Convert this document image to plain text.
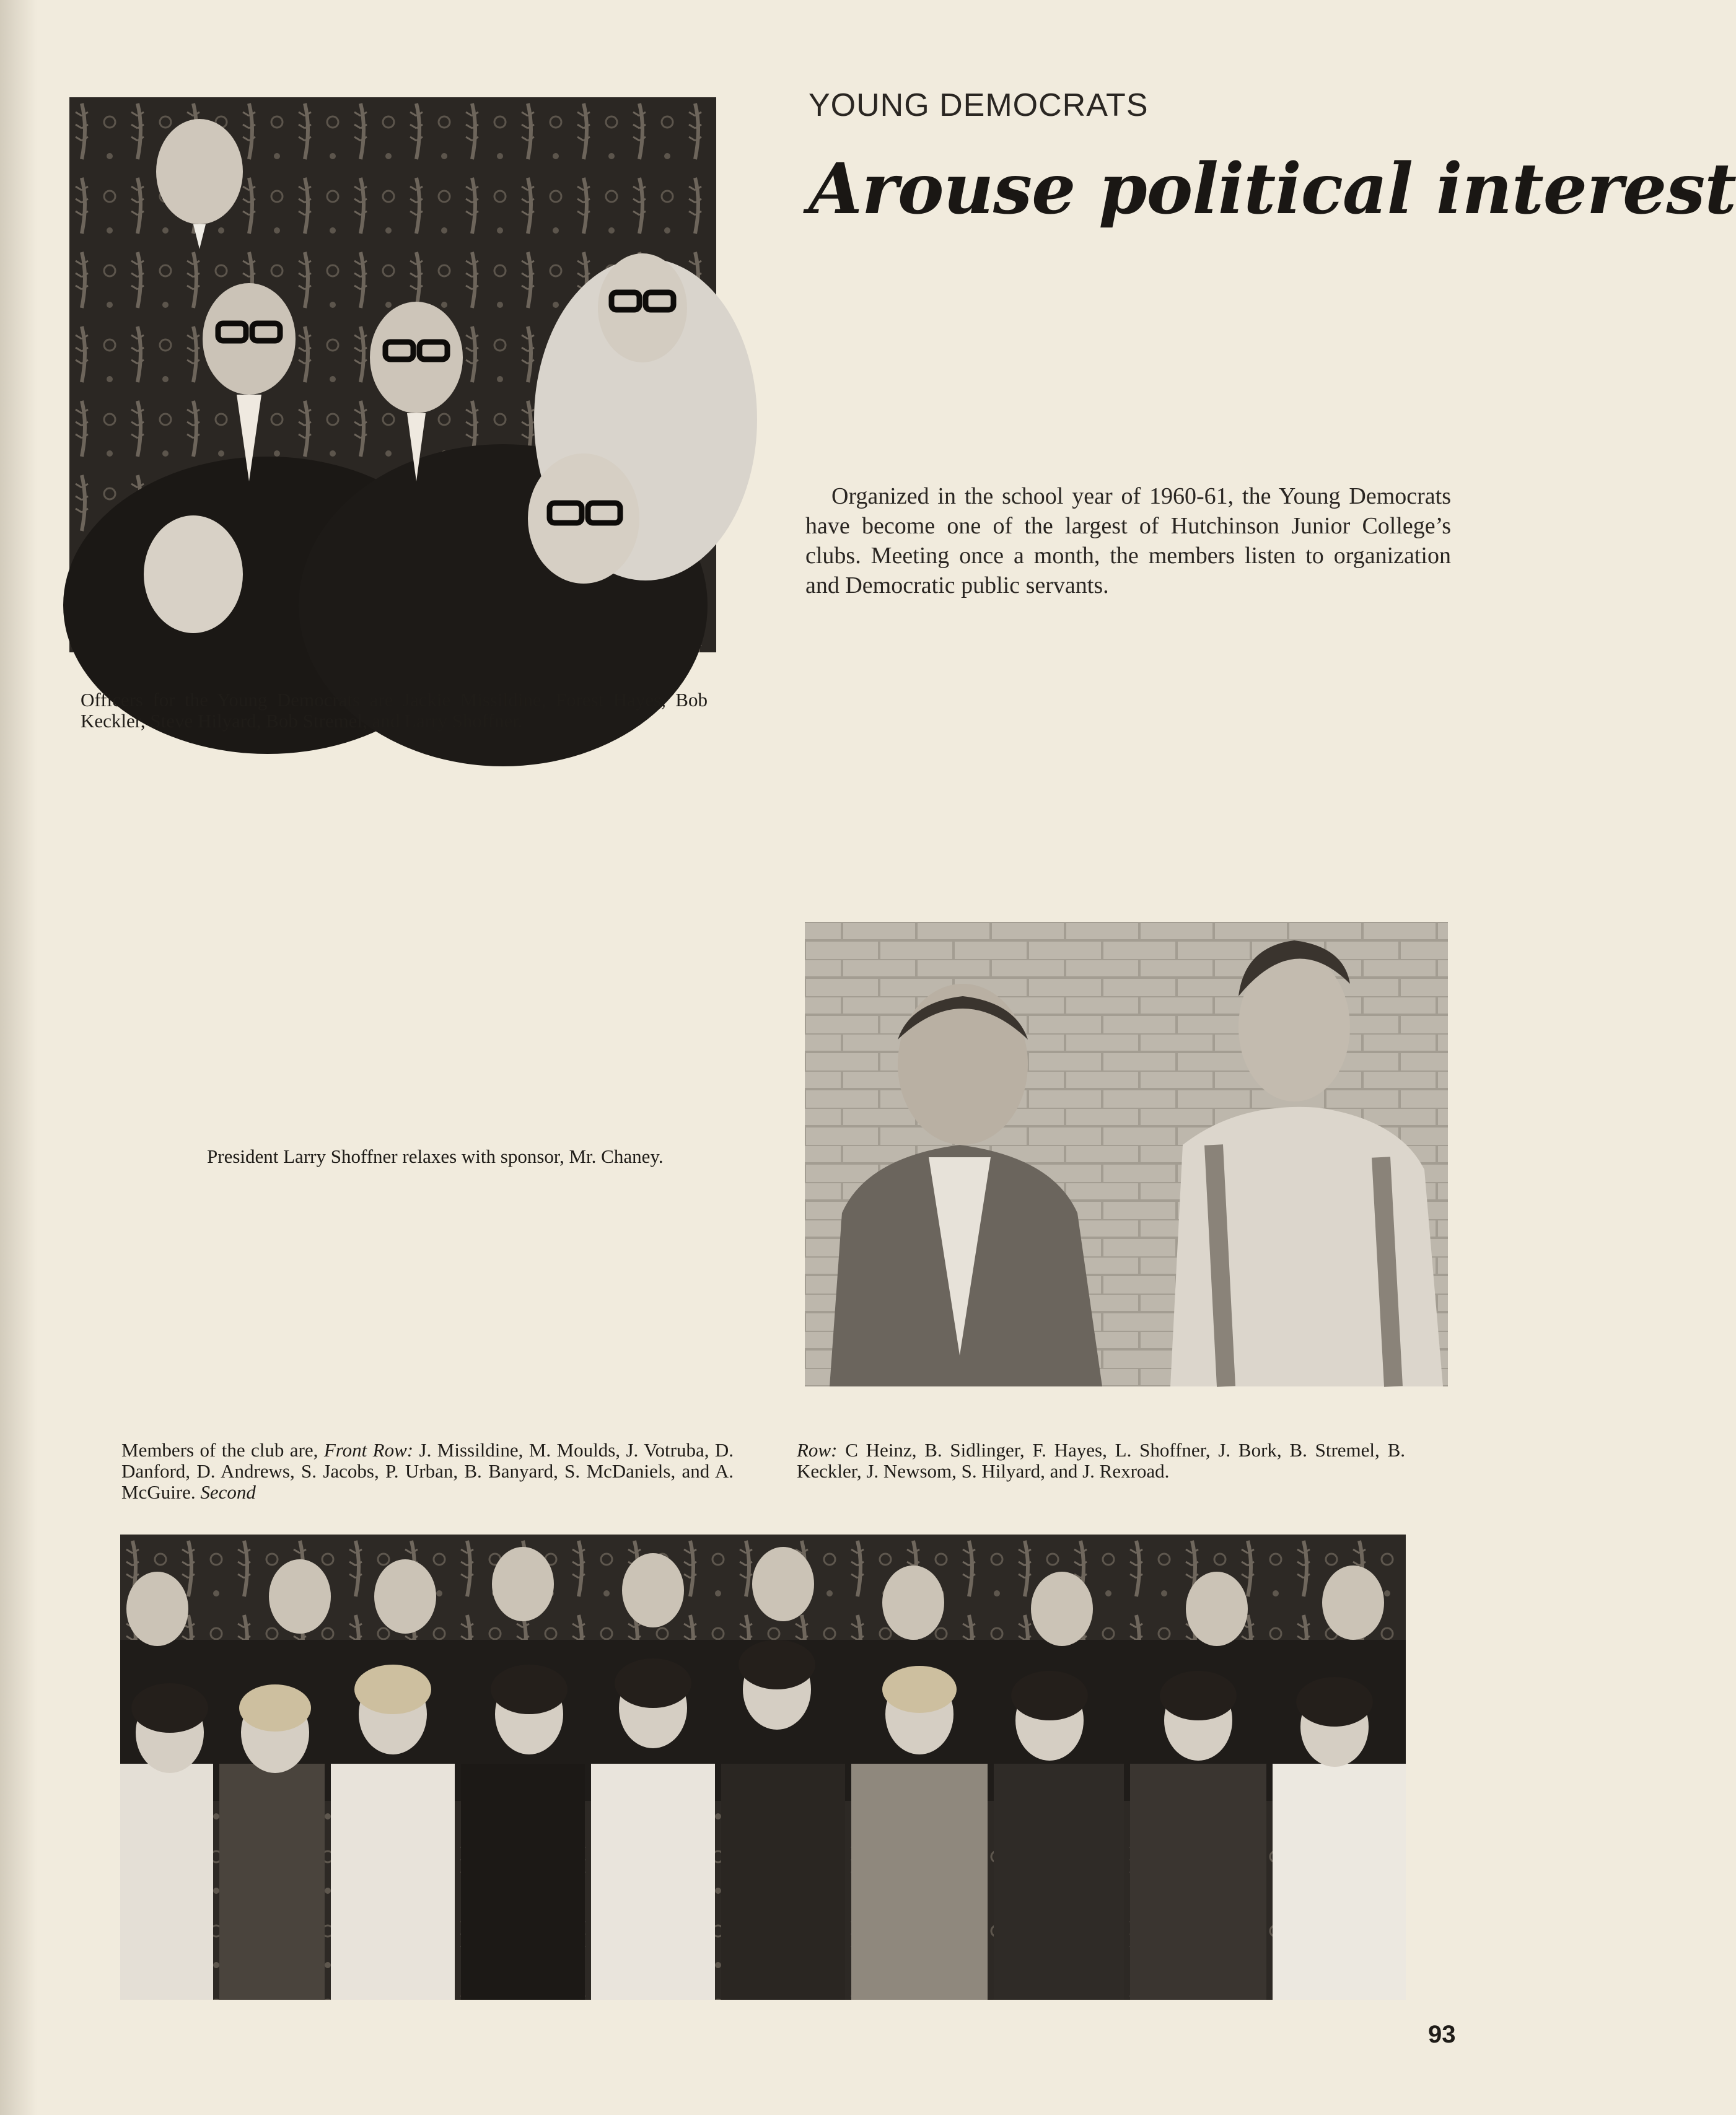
YOUNG DEMOCRATS
Arouse political interest
Organized in the school year of 1960-61, the Young Democrats have become one of the largest of Hutchinson Junior College’s clubs. Meeting once a month, the members listen to organization and Democratic public servants.
Officers for the Young Democrats are Jackie Missildine, Forest Hayes, Bob Keckler, Steve Hilyard, Bob Stremel, and Larry Shoffner.
President Larry Shoffner relaxes with sponsor, Mr. Chaney.
Members of the club are, Front Row: J. Missildine, M. Moulds, J. Votruba, D. Danford, D. Andrews, S. Jacobs, P. Urban, B. Banyard, S. McDaniels, and A. McGuire. Second
Row: C Heinz, B. Sidlinger, F. Hayes, L. Shoffner, J. Bork, B. Stremel, B. Keckler, J. Newsom, S. Hilyard, and J. Rexroad.
93
